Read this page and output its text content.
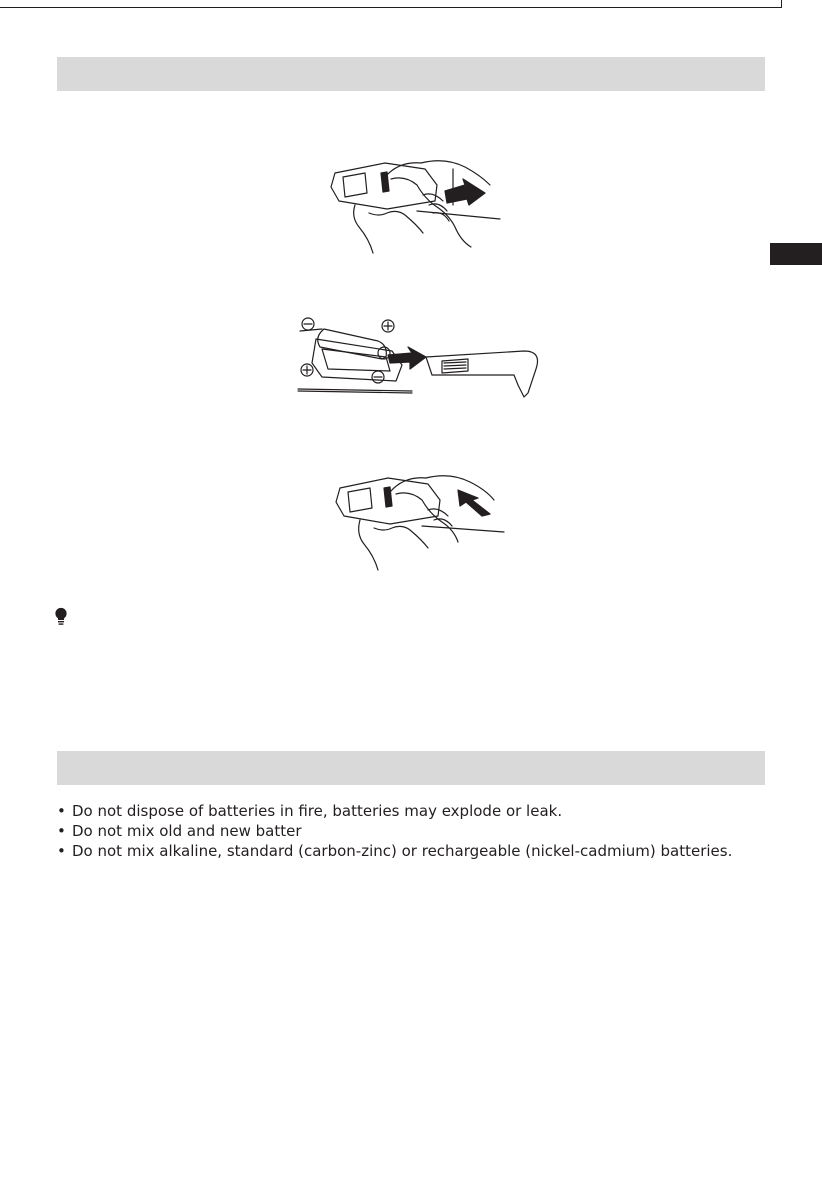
• Do not dispose of batteries in fire, batteries may explode or leak.
• Do not mix old and new batter
• Do not mix alkaline, standard (carbon-zinc) or rechargeable (nickel-cadmium) batteries.
